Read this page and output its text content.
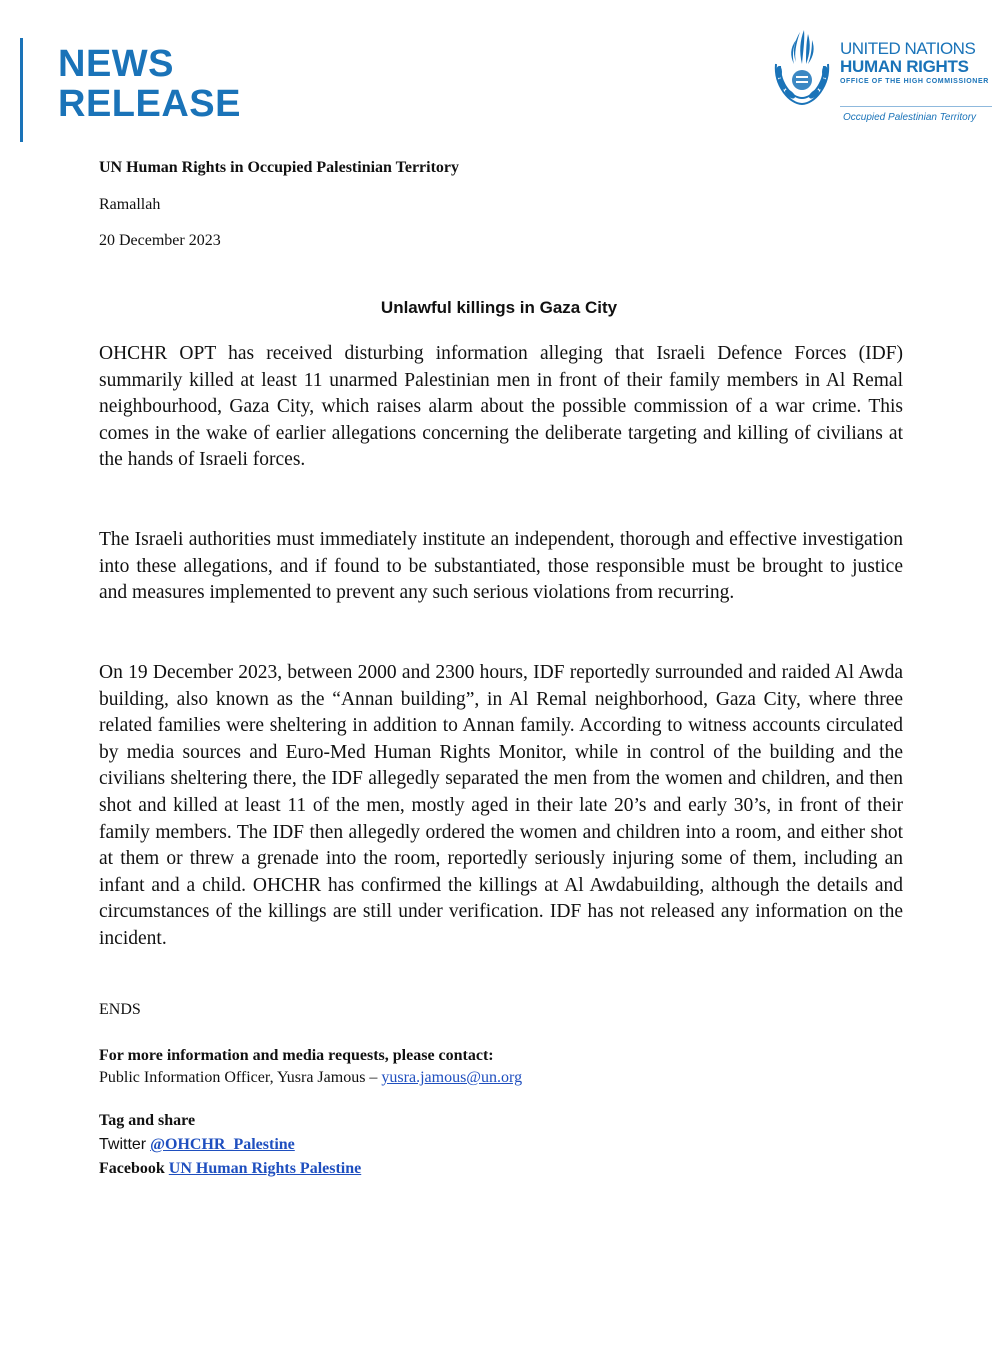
NEWS
RELEASE
UNITED NATIONS
HUMAN RIGHTS
OFFICE OF THE HIGH COMMISSIONER
Occupied Palestinian Territory
UN Human Rights in Occupied Palestinian Territory
Ramallah
20 December 2023
Unlawful killings in Gaza City

OHCHR OPT has received disturbing information alleging that Israeli Defence Forces (IDF) summarily killed at least 11 unarmed Palestinian men in front of their family members in Al Remal neighbourhood, Gaza City, which raises alarm about the possible commission of a war crime. This comes in the wake of earlier allegations concerning the deliberate targeting and killing of civilians at the hands of Israeli forces.

The Israeli authorities must immediately institute an independent, thorough and effective investigation into these allegations, and if found to be substantiated, those responsible must be brought to justice and measures implemented to prevent any such serious violations from recurring.

On 19 December 2023, between 2000 and 2300 hours, IDF reportedly surrounded and raided Al Awda building, also known as the “Annan building”, in Al Remal neighborhood, Gaza City, where three related families were sheltering in addition to Annan family. According to witness accounts circulated by media sources and Euro-Med Human Rights Monitor, while in control of the building and the civilians sheltering there, the IDF allegedly separated the men from the women and children, and then shot and killed at least 11 of the men, mostly aged in their late 20’s and early 30’s, in front of their family members. The IDF then allegedly ordered the women and children into a room, and either shot at them or threw a grenade into the room, reportedly seriously injuring some of them, including an infant and a child. OHCHR has confirmed the killings at Al Awdabuilding, although the details and circumstances of the killings are still under verification. IDF has not released any information on the incident.

ENDS
For more information and media requests, please contact:
Public Information Officer, Yusra Jamous – yusra.jamous@un.org
Tag and share
Twitter @OHCHR_Palestine
Facebook UN Human Rights Palestine
